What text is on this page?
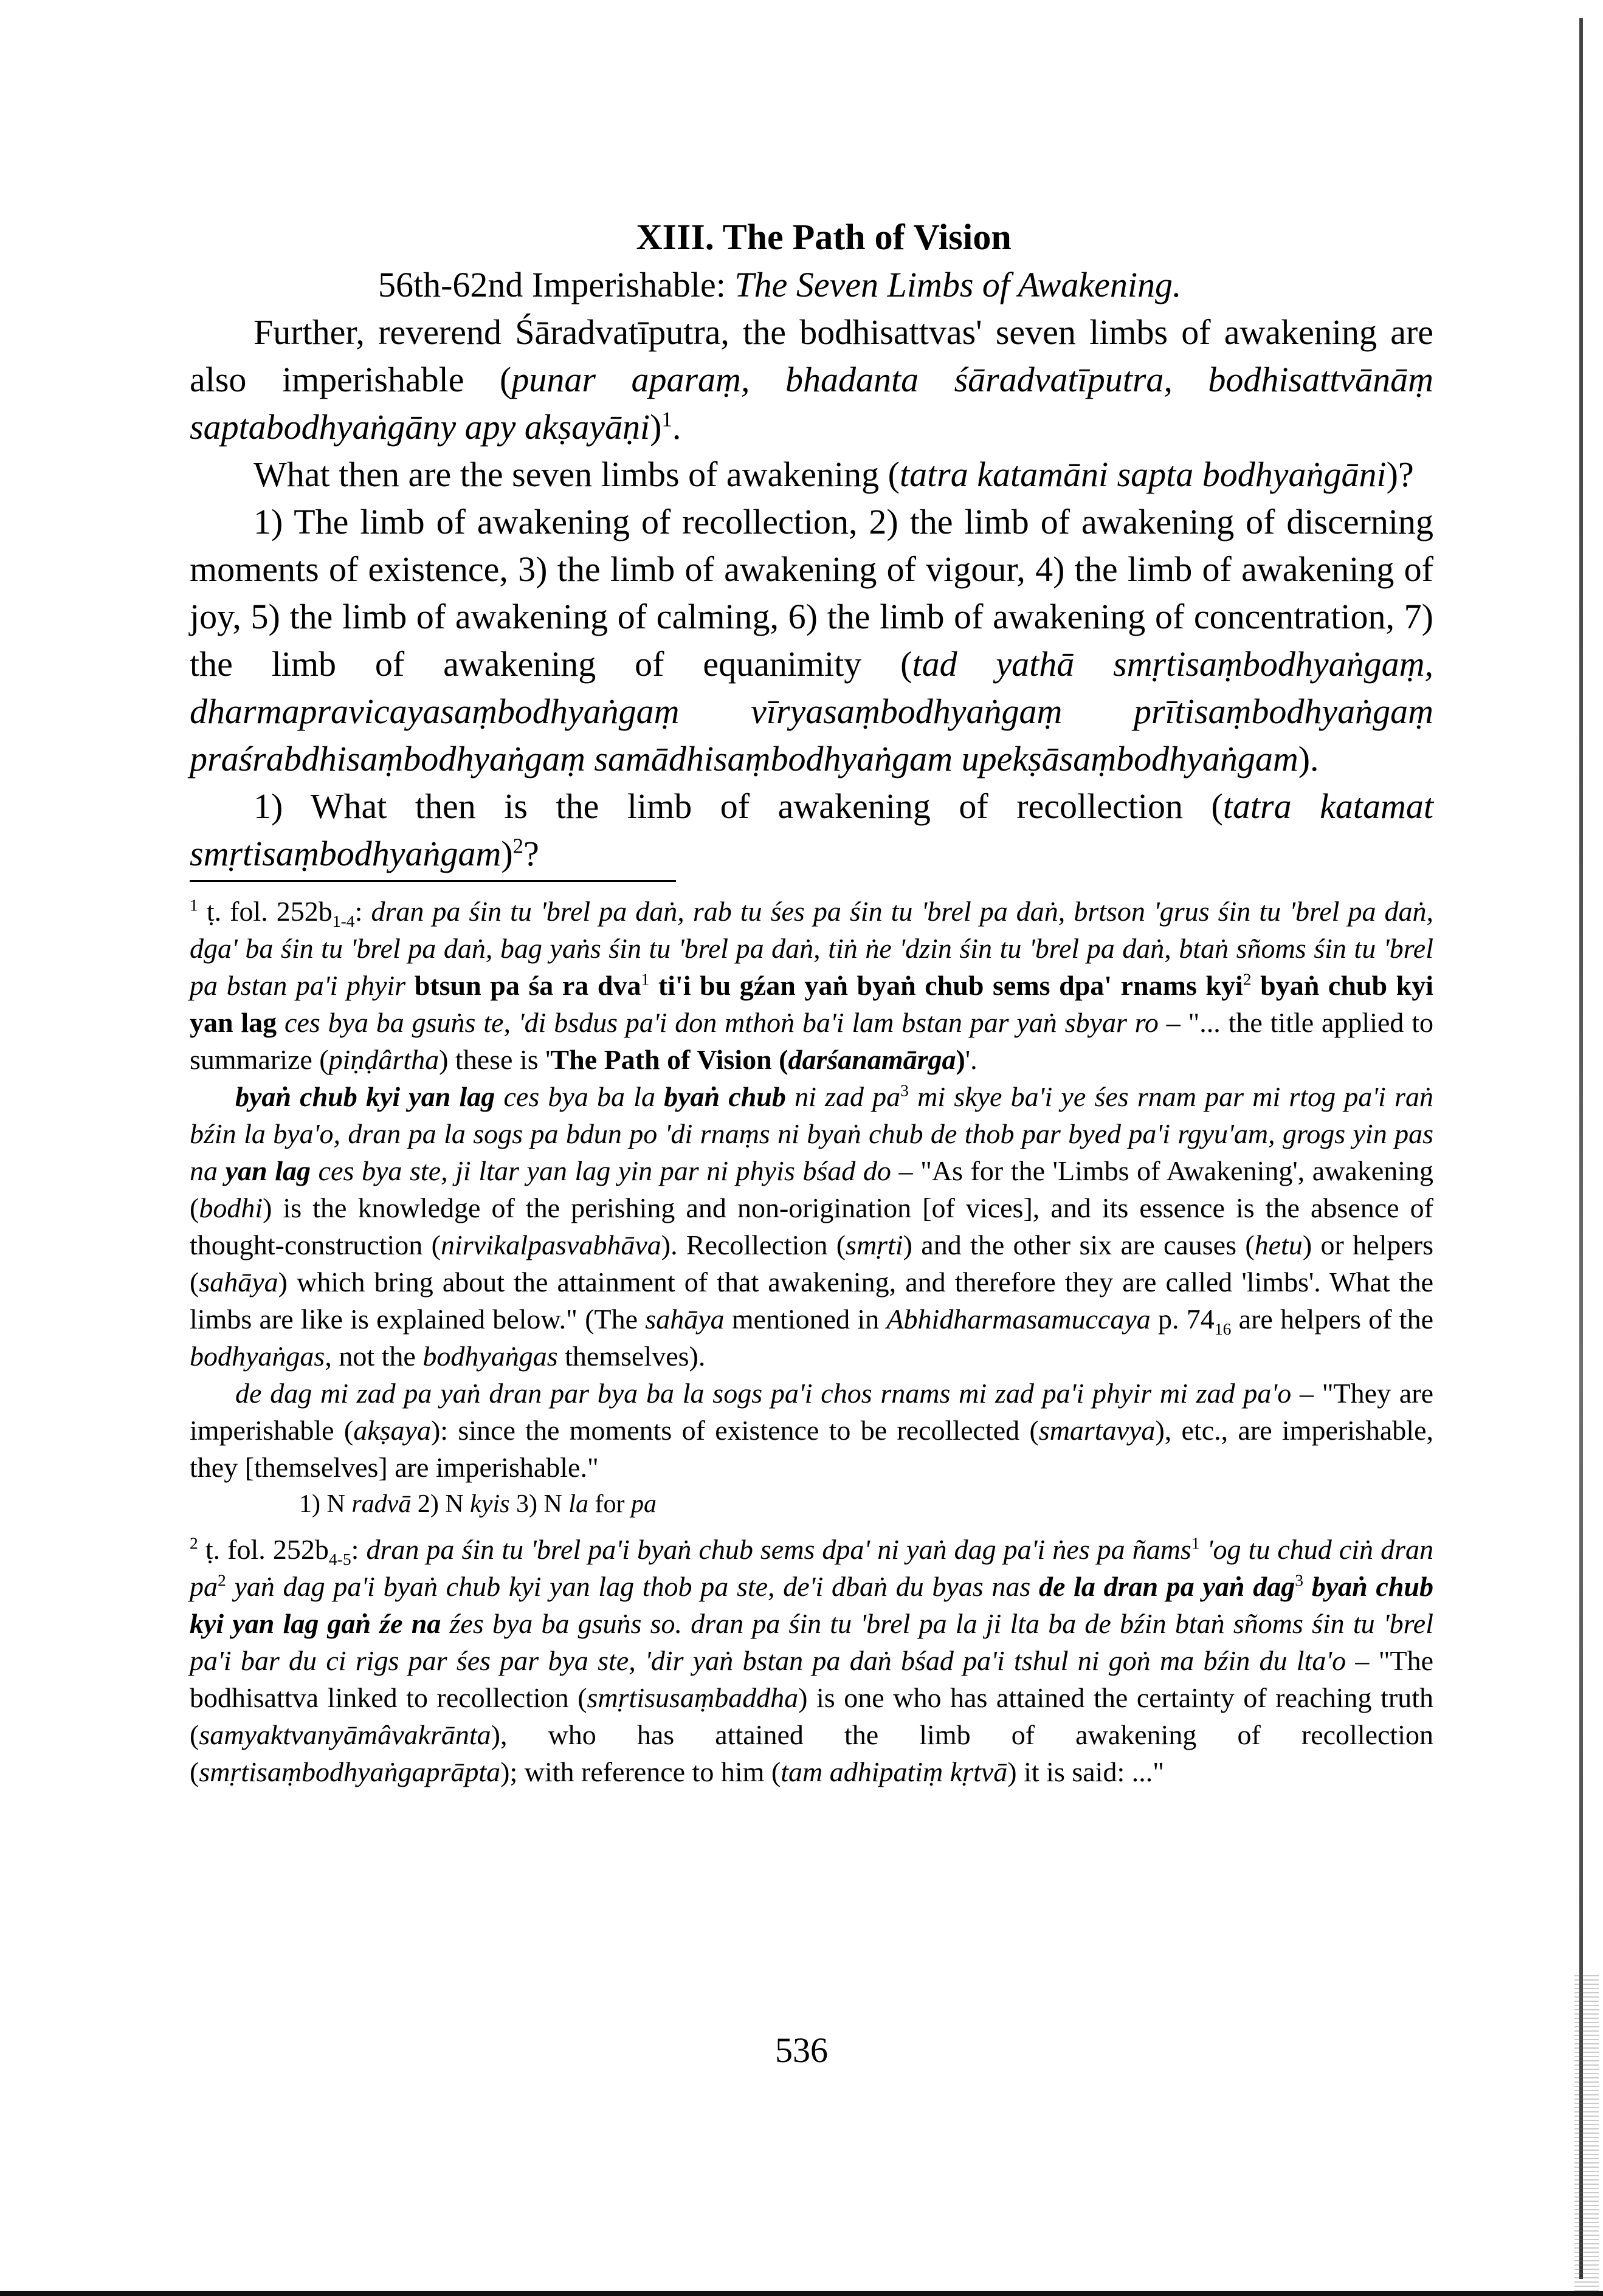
XIII. The Path of Vision

56th-62nd Imperishable: The Seven Limbs of Awakening.

Further, reverend Śāradvatīputra, the bodhisattvas' seven limbs of awakening are also imperishable (punar aparaṃ, bhadanta śāradvatīputra, bodhisattvānāṃ saptabodhyaṅgāny apy akṣayāṇi)$^1$.

What then are the seven limbs of awakening (tatra katamāni sapta bodhyaṅgāni)?

1) The limb of awakening of recollection, 2) the limb of awakening of discerning moments of existence, 3) the limb of awakening of vigour, 4) the limb of awakening of joy, 5) the limb of awakening of calming, 6) the limb of awakening of concentration, 7) the limb of awakening of equanimity (tad yathā smṛtisaṃbodhyaṅgaṃ, dharmapravicayasaṃbodhyaṅgaṃ vīryasaṃbodhyaṅgaṃ prītisaṃbodhyaṅgaṃ praśrabdhisaṃbodhyaṅgaṃ samādhisaṃbodhyaṅgam upekṣāsaṃbodhyaṅgam).

1) What then is the limb of awakening of recollection (tatra katamat smṛtisaṃbodhyaṅgam)$^2$?

$^1$ ṭ. fol. $252b_{1-4}$: dran pa śin tu 'brel pa daṅ, rab tu śes pa śin tu 'brel pa daṅ, brtson 'grus śin tu 'brel pa daṅ, dga' ba śin tu 'brel pa daṅ, bag yaṅs śin tu 'brel pa daṅ, tiṅ ṅe 'dzin śin tu 'brel pa daṅ, btaṅ sñoms śin tu 'brel pa bstan pa'i phyir btsun pa śa ra dva$^1$ ti'i bu gźan yaṅ byaṅ chub sems dpa' rnams kyi$^2$ byaṅ chub kyi yan lag ces bya ba gsuṅs te, 'di bsdus pa'i don mthoṅ ba'i lam bstan par yaṅ sbyar ro – "... the title applied to summarize (piṇḍârtha) these is 'The Path of Vision (darśanamārga)'.

byaṅ chub kyi yan lag ces bya ba la byaṅ chub ni zad $pa^3$ mi skye ba'i ye śes rnam par mi rtog pa'i raṅ bźin la bya'o, dran pa la sogs pa bdun po 'di rnaṃs ni byaṅ chub de thob par byed pa'i rgyu'am, grogs yin pas na yan lag ces bya ste, ji ltar yan lag yin par ni phyis bśad do – "As for the 'Limbs of Awakening', awakening (bodhi) is the knowledge of the perishing and non-origination [of vices], and its essence is the absence of thought-construction (nirvikalpasvabhāva). Recollection (smṛti) and the other six are causes (hetu) or helpers (sahāya) which bring about the attainment of that awakening, and therefore they are called 'limbs'. What the limbs are like is explained below." (The sahāya mentioned in Abhidharmasamuccaya p. $74_{16}$ are helpers of the bodhyaṅgas, not the bodhyaṅgas themselves).

de dag mi zad pa yaṅ dran par bya ba la sogs pa'i chos rnams mi zad pa'i phyir mi zad pa'o – "They are imperishable (akṣaya): since the moments of existence to be recollected (smartavya), etc., are imperishable, they [themselves] are imperishable."

1) N radvā 2) N kyis 3) N la for pa

$^2$ ṭ. fol. $252b_{4-5}$: dran pa śin tu 'brel pa'i byaṅ chub sems dpa' ni yaṅ dag pa'i ṅes pa ñams$^1$ 'og tu chud ciṅ dran $pa^2$ yaṅ dag pa'i byaṅ chub kyi yan lag thob pa ste, de'i dbaṅ du byas nas de la dran pa yaṅ dag$^3$ byaṅ chub kyi yan lag gaṅ źe na źes bya ba gsuṅs so. dran pa śin tu 'brel pa la ji lta ba de bźin btaṅ sñoms śin tu 'brel pa'i bar du ci rigs par śes par bya ste, 'dir yaṅ bstan pa daṅ bśad pa'i tshul ni goṅ ma bźin du lta'o – "The bodhisattva linked to recollection (smṛtisusaṃbaddha) is one who has attained the certainty of reaching truth (samyaktvanyāmâvakrānta), who has attained the limb of awakening of recollection (smṛtisaṃbodhyaṅgaprāpta); with reference to him (tam adhipatiṃ kṛtvā) it is said: ..."

536
